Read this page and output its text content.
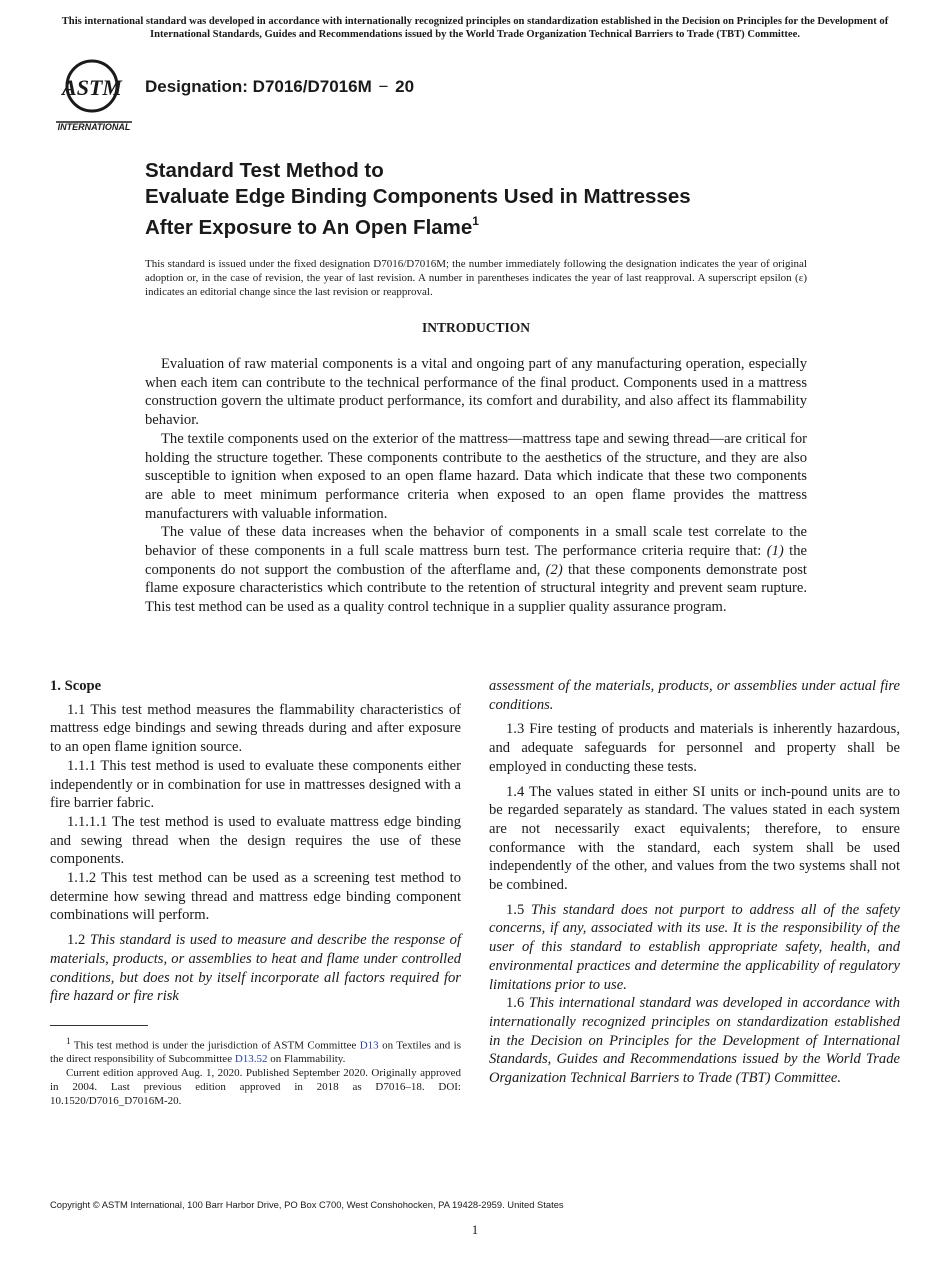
This international standard was developed in accordance with internationally recognized principles on standardization established in the Decision on Principles for the Development of International Standards, Guides and Recommendations issued by the World Trade Organization Technical Barriers to Trade (TBT) Committee.
ASTM
INTERNATIONAL
Designation: D7016/D7016M − 20
Standard Test Method to
Evaluate Edge Binding Components Used in Mattresses
After Exposure to An Open Flame$^1$
This standard is issued under the fixed designation D7016/D7016M; the number immediately following the designation indicates the year of original adoption or, in the case of revision, the year of last revision. A number in parentheses indicates the year of last reapproval. A superscript epsilon (ε) indicates an editorial change since the last revision or reapproval.
INTRODUCTION

Evaluation of raw material components is a vital and ongoing part of any manufacturing operation, especially when each item can contribute to the technical performance of the final product. Components used in a mattress construction govern the ultimate product performance, its comfort and durability, and also affect its flammability behavior.

The textile components used on the exterior of the mattress—mattress tape and sewing thread—are critical for holding the structure together. These components contribute to the aesthetics of the structure, and they are also susceptible to ignition when exposed to an open flame hazard. Data which indicate that these two components are able to meet minimum performance criteria when exposed to an open flame provides the mattress manufacturers with valuable information.

The value of these data increases when the behavior of components in a small scale test correlate to the behavior of these components in a full scale mattress burn test. The performance criteria require that: (1) the components do not support the combustion of the afterflame and, (2) that these components demonstrate post flame exposure characteristics which contribute to the retention of structural integrity and prevent seam rupture. This test method can be used as a quality control technique in a supplier quality assurance program.

1. Scope

1.1 This test method measures the flammability characteristics of mattress edge bindings and sewing threads during and after exposure to an open flame ignition source.

1.1.1 This test method is used to evaluate these components either independently or in combination for use in mattresses designed with a fire barrier fabric.

1.1.1.1 The test method is used to evaluate mattress edge binding and sewing thread when the design requires the use of these components.

1.1.2 This test method can be used as a screening test method to determine how sewing thread and mattress edge binding component combinations will perform.

1.2 This standard is used to measure and describe the response of materials, products, or assemblies to heat and flame under controlled conditions, but does not by itself incorporate all factors required for fire hazard or fire risk

assessment of the materials, products, or assemblies under actual fire conditions.

1.3 Fire testing of products and materials is inherently hazardous, and adequate safeguards for personnel and property shall be employed in conducting these tests.

1.4 The values stated in either SI units or inch-pound units are to be regarded separately as standard. The values stated in each system are not necessarily exact equivalents; therefore, to ensure conformance with the standard, each system shall be used independently of the other, and values from the two systems shall not be combined.

1.5 This standard does not purport to address all of the safety concerns, if any, associated with its use. It is the responsibility of the user of this standard to establish appropriate safety, health, and environmental practices and determine the applicability of regulatory limitations prior to use.

1.6 This international standard was developed in accordance with internationally recognized principles on standardization established in the Decision on Principles for the Development of International Standards, Guides and Recommendations issued by the World Trade Organization Technical Barriers to Trade (TBT) Committee.

$^1$ This test method is under the jurisdiction of ASTM Committee D13 on Textiles and is the direct responsibility of Subcommittee D13.52 on Flammability.

Current edition approved Aug. 1, 2020. Published September 2020. Originally approved in 2004. Last previous edition approved in 2018 as D7016–18. DOI: 10.1520/D7016_D7016M-20.

Copyright © ASTM International, 100 Barr Harbor Drive, PO Box C700, West Conshohocken, PA 19428-2959. United States
1
